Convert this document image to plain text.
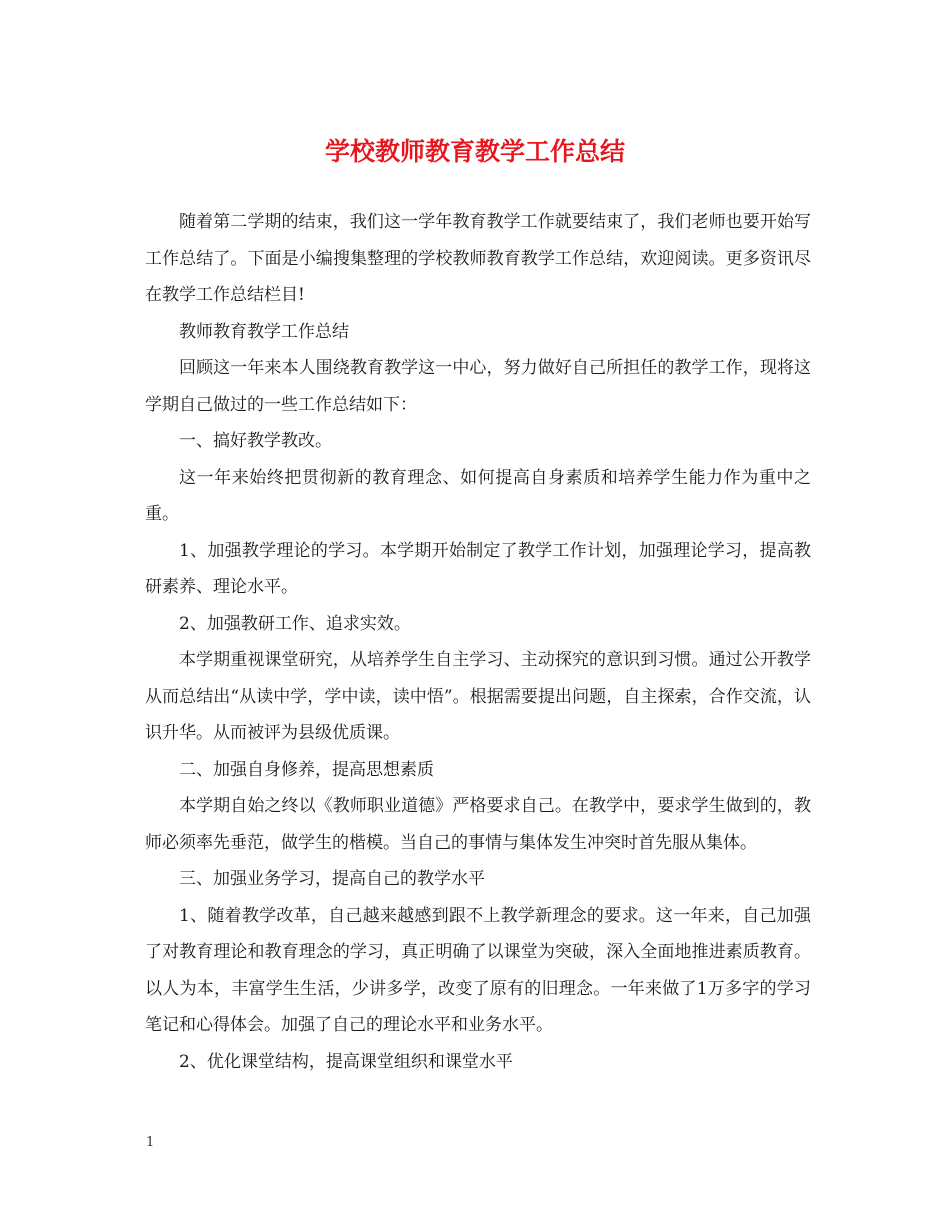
学校教师教育教学工作总结

随着第二学期的结束，我们这一学年教育教学工作就要结束了，我们老师也要开始写工作总结了。下面是小编搜集整理的学校教师教育教学工作总结，欢迎阅读。更多资讯尽在教学工作总结栏目!

教师教育教学工作总结

回顾这一年来本人围绕教育教学这一中心，努力做好自己所担任的教学工作，现将这学期自己做过的一些工作总结如下：

一、搞好教学教改。

这一年来始终把贯彻新的教育理念、如何提高自身素质和培养学生能力作为重中之重。

1、加强教学理论的学习。本学期开始制定了教学工作计划，加强理论学习，提高教研素养、理论水平。

2、加强教研工作、追求实效。

本学期重视课堂研究，从培养学生自主学习、主动探究的意识到习惯。通过公开教学从而总结出“从读中学，学中读，读中悟”。根据需要提出问题，自主探索，合作交流，认识升华。从而被评为县级优质课。

二、加强自身修养，提高思想素质

本学期自始之终以《教师职业道德》严格要求自己。在教学中，要求学生做到的，教师必须率先垂范，做学生的楷模。当自己的事情与集体发生冲突时首先服从集体。

三、加强业务学习，提高自己的教学水平

1、随着教学改革，自己越来越感到跟不上教学新理念的要求。这一年来，自己加强了对教育理论和教育理念的学习，真正明确了以课堂为突破，深入全面地推进素质教育。以人为本，丰富学生生活，少讲多学，改变了原有的旧理念。一年来做了1万多字的学习笔记和心得体会。加强了自己的理论水平和业务水平。

2、优化课堂结构，提高课堂组织和课堂水平

1
